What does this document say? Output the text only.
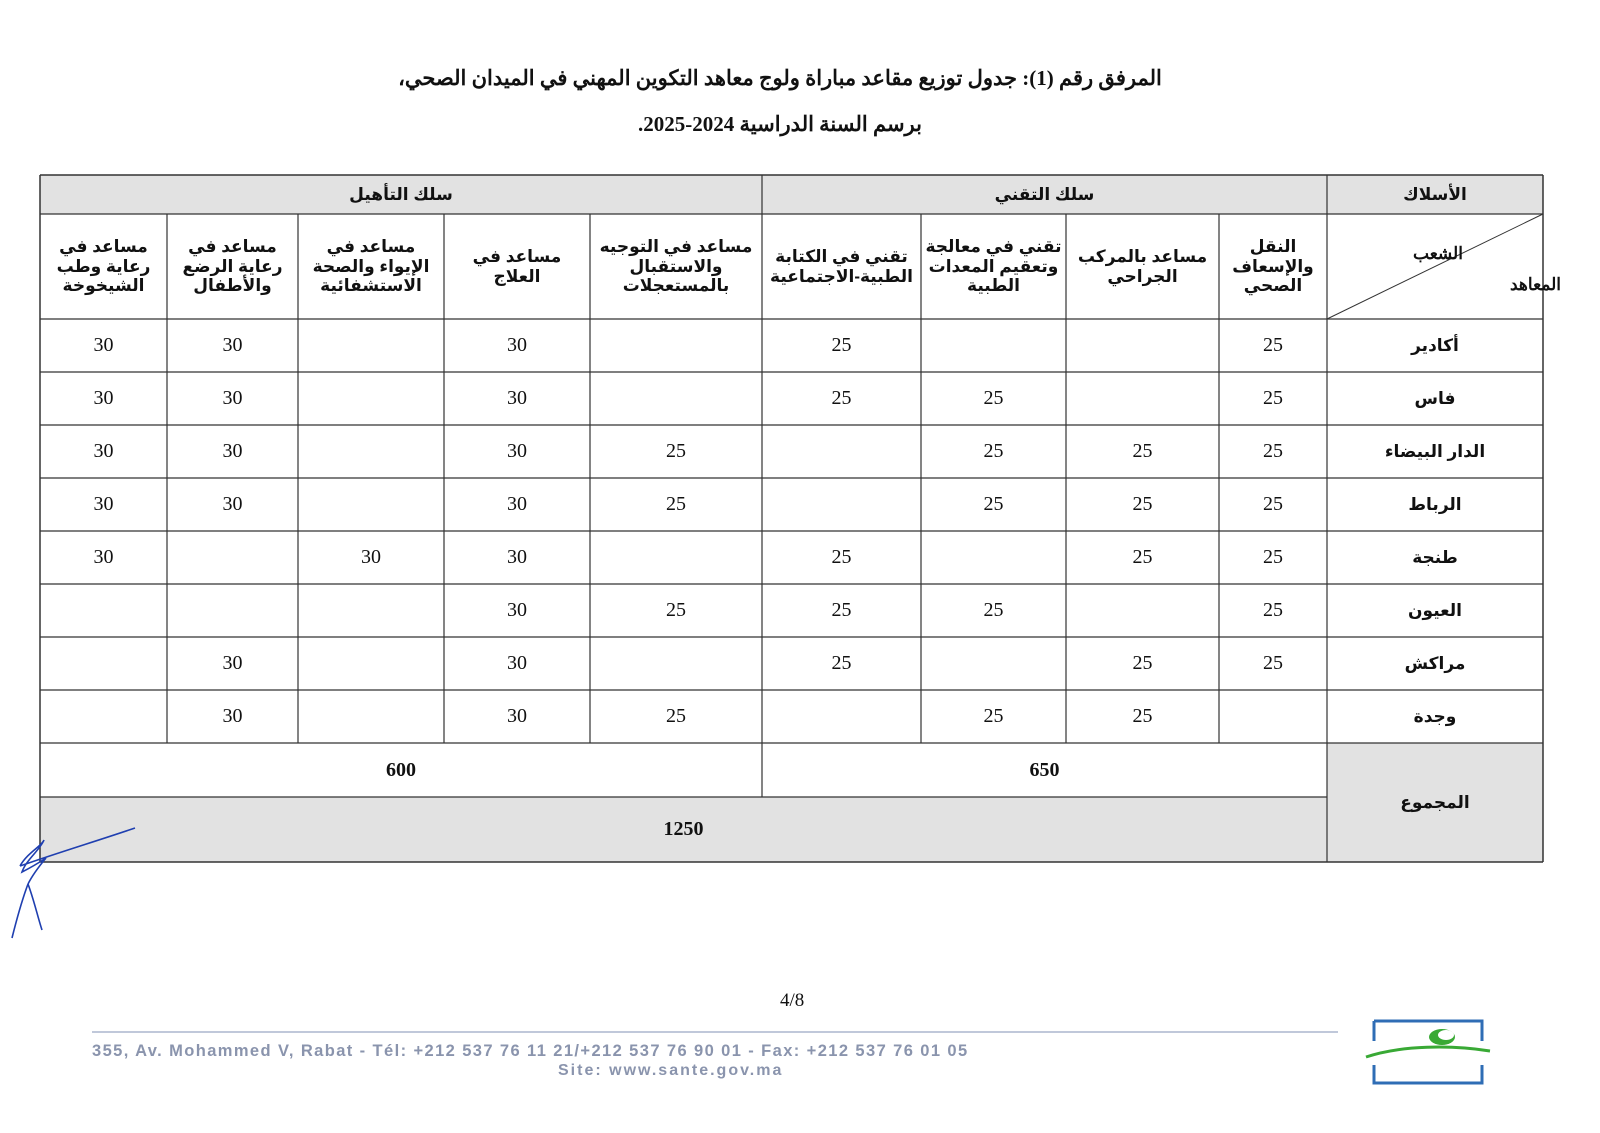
المرفق رقم (1): جدول توزيع مقاعد مباراة ولوج معاهد التكوين المهني في الميدان الصحي،
برسم السنة الدراسية 2024-2025.
الأسلاك
سلك التقني
سلك التأهيل
النقل والإسعاف الصحي
مساعد بالمركب الجراحي
تقني في معالجة وتعقيم المعدات الطبية
تقني في الكتابة الطبية-الاجتماعية
مساعد في التوجيه والاستقبال بالمستعجلات
مساعد في العلاج
مساعد في الإيواء والصحة الاستشفائية
مساعد في رعاية الرضع والأطفال
مساعد في رعاية وطب الشيخوخة
أكادير
25
25
30
30
30
فاس
25
25
25
30
30
30
الدار البيضاء
25
25
25
25
30
30
30
الرباط
25
25
25
25
30
30
30
طنجة
25
25
25
30
30
30
العيون
25
25
25
25
30
مراكش
25
25
25
30
30
وجدة
25
25
25
30
30
المجموع
650
600
1250
الشعب
المعاهد
4/8
355, Av. Mohammed V, Rabat - Tél: +212 537 76 11 21/+212 537 76 90 01 - Fax: +212 537 76 01 05
Site: www.sante.gov.ma
